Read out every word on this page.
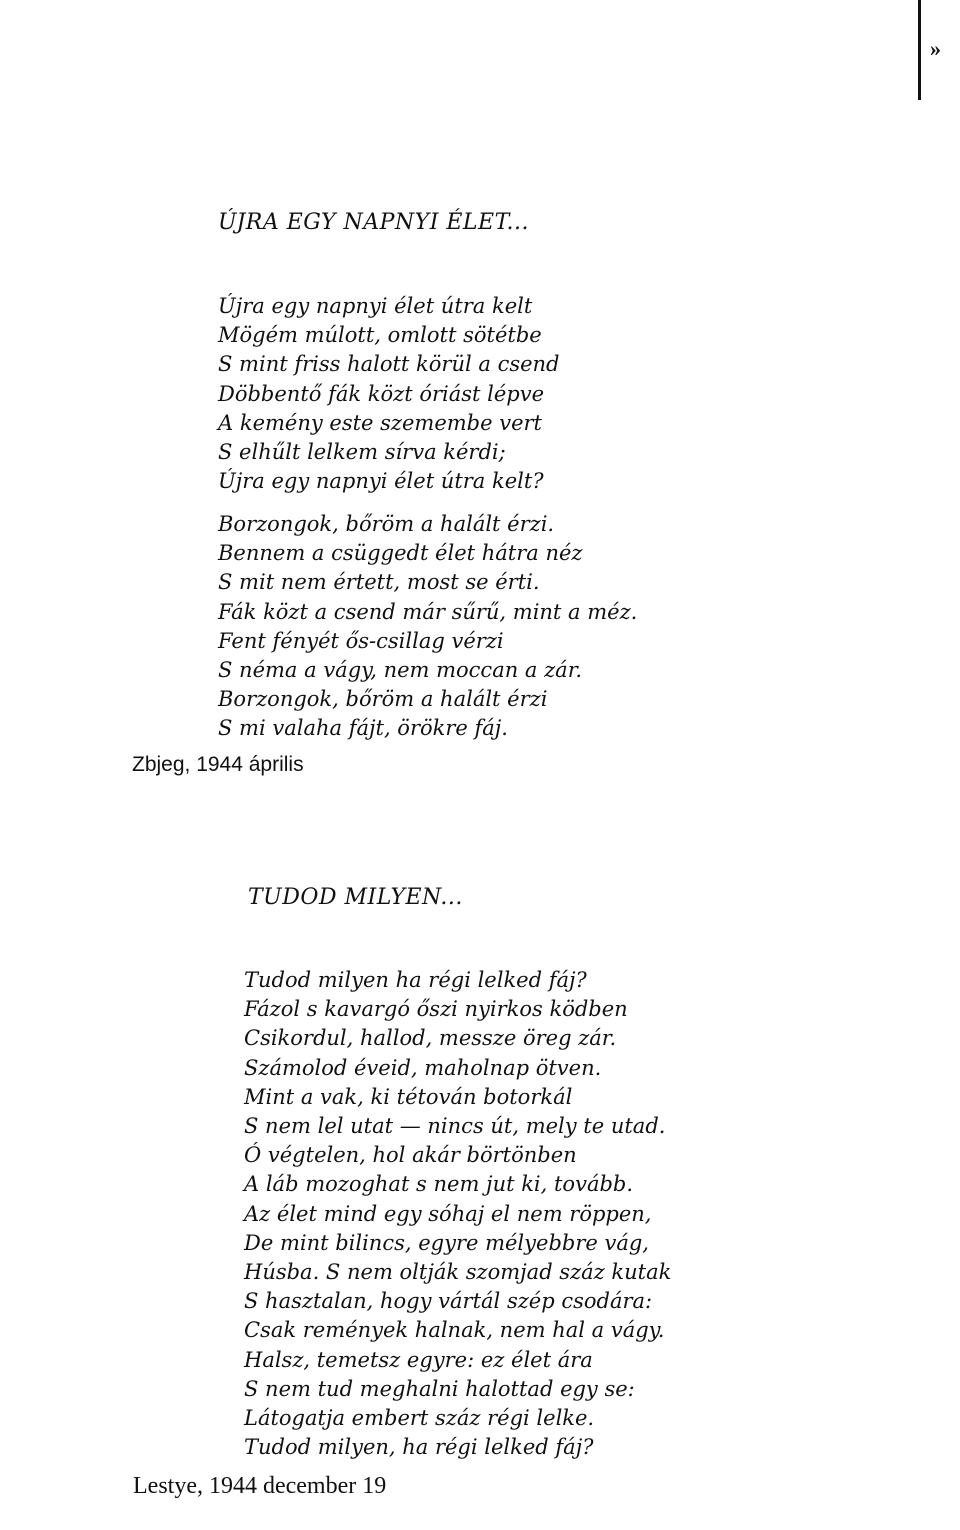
»
ÚJRA EGY NAPNYI ÉLET...
Újra egy napnyi élet útra kelt
Mögém múlott, omlott sötétbe
S mint friss halott körül a csend
Döbbentő fák közt óriást lépve
A kemény este szemembe vert
S elhűlt lelkem sírva kérdi;
Újra egy napnyi élet útra kelt?
Borzongok, bőröm a halált érzi.
Bennem a csüggedt élet hátra néz
S mit nem értett, most se érti.
Fák közt a csend már sűrű, mint a méz.
Fent fényét ős-csillag vérzi
S néma a vágy, nem moccan a zár.
Borzongok, bőröm a halált érzi
S mi valaha fájt, örökre fáj.
Zbjeg, 1944 április
TUDOD MILYEN...
Tudod milyen ha régi lelked fáj?
Fázol s kavargó őszi nyirkos ködben
Csikordul, hallod, messze öreg zár.
Számolod éveid, maholnap ötven.
Mint a vak, ki tétován botorkál
S nem lel utat — nincs út, mely te utad.
Ó végtelen, hol akár börtönben
A láb mozoghat s nem jut ki, tovább.
Az élet mind egy sóhaj el nem röppen,
De mint bilincs, egyre mélyebbre vág,
Húsba. S nem oltják szomjad száz kutak
S hasztalan, hogy vártál szép csodára:
Csak remények halnak, nem hal a vágy.
Halsz, temetsz egyre: ez élet ára
S nem tud meghalni halottad egy se:
Látogatja embert száz régi lelke.
Tudod milyen, ha régi lelked fáj?
Lestye, 1944 december 19
